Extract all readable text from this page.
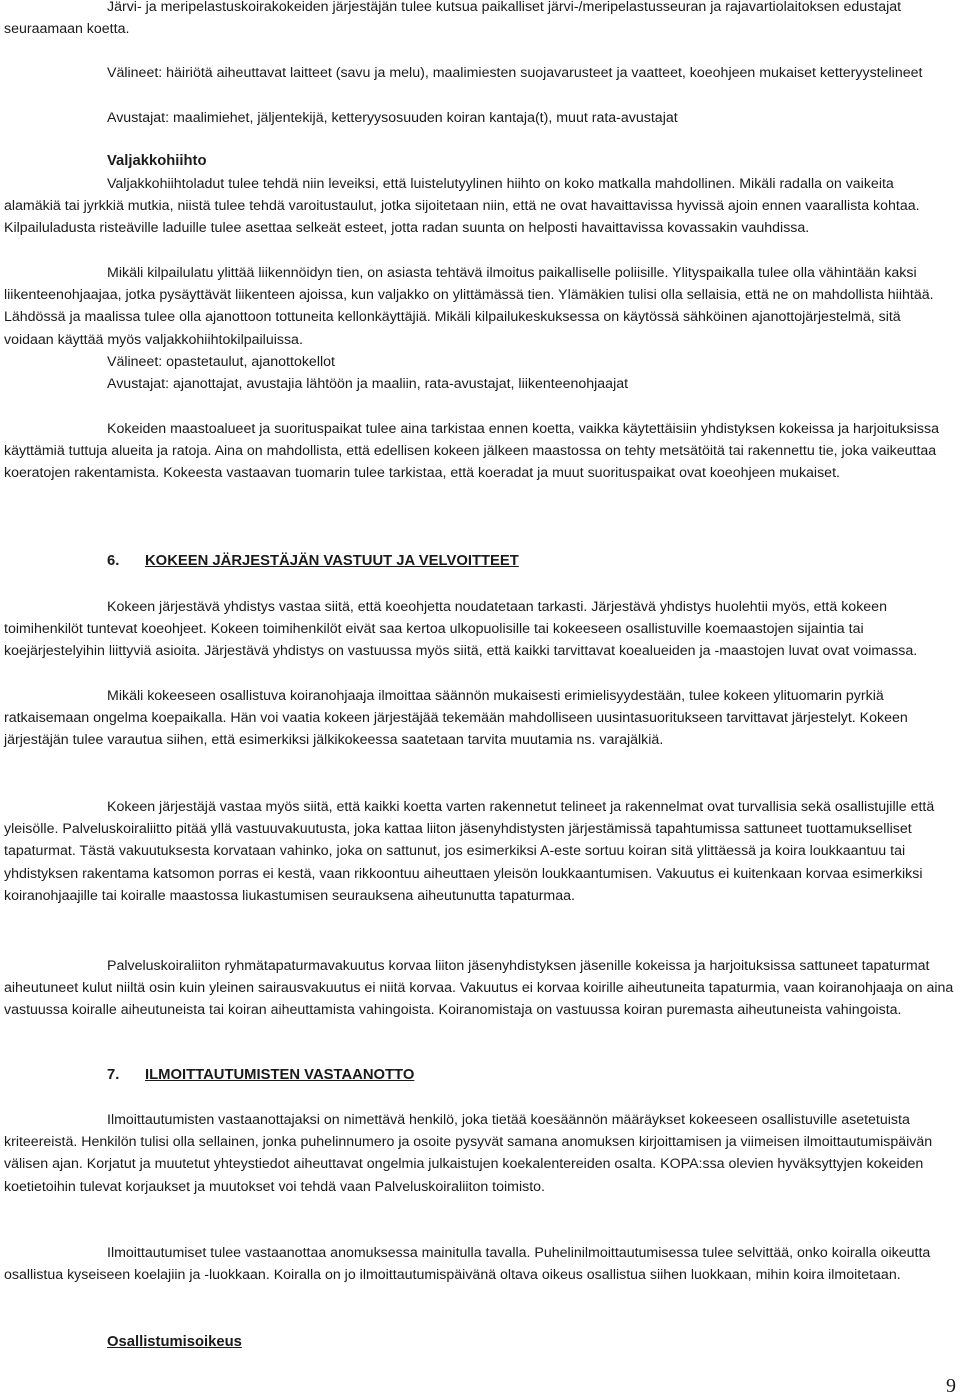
Järvi- ja meripelastuskoirakokeiden järjestäjän tulee kutsua paikalliset järvi-/meripelastusseuran ja rajavartiolaitoksen edustajat seuraamaan koetta.

Välineet: häiriötä aiheuttavat laitteet (savu ja melu), maalimiesten suojavarusteet ja vaatteet, koeohjeen mukaiset ketteryystelineet

Avustajat: maalimiehet, jäljentekijä, ketteryysosuuden koiran kantaja(t), muut rata-avustajat

Valjakkohiihto

Valjakkohiihtoladut tulee tehdä niin leveiksi, että luistelutyylinen hiihto on koko matkalla mahdollinen. Mikäli radalla on vaikeita alamäkiä tai jyrkkiä mutkia, niistä tulee tehdä varoitustaulut, jotka sijoitetaan niin, että ne ovat havaittavissa hyvissä ajoin ennen vaarallista kohtaa. Kilpailuladusta risteäville laduille tulee asettaa selkeät esteet, jotta radan suunta on helposti havaittavissa kovassakin vauhdissa.

Mikäli kilpailulatu ylittää liikennöidyn tien, on asiasta tehtävä ilmoitus paikalliselle poliisille. Ylityspaikalla tulee olla vähintään kaksi liikenteenohjaajaa, jotka pysäyttävät liikenteen ajoissa, kun valjakko on ylittämässä tien. Ylämäkien tulisi olla sellaisia, että ne on mahdollista hiihtää. Lähdössä ja maalissa tulee olla ajanottoon tottuneita kellonkäyttäjiä. Mikäli kilpailukeskuksessa on käytössä sähköinen ajanottojärjestelmä, sitä voidaan käyttää myös valjakkohiihtokilpailuissa.

Välineet: opastetaulut, ajanottokellot

Avustajat: ajanottajat, avustajia lähtöön ja maaliin, rata-avustajat, liikenteenohjaajat

Kokeiden maastoalueet ja suorituspaikat tulee aina tarkistaa ennen koetta, vaikka käytettäisiin yhdistyksen kokeissa ja harjoituksissa käyttämiä tuttuja alueita ja ratoja. Aina on mahdollista, että edellisen kokeen jälkeen maastossa on tehty metsätöitä tai rakennettu tie, joka vaikeuttaa koeratojen rakentamista. Kokeesta vastaavan tuomarin tulee tarkistaa, että koeradat ja muut suorituspaikat ovat koeohjeen mukaiset.

6. KOKEEN JÄRJESTÄJÄN VASTUUT JA VELVOITTEET

Kokeen järjestävä yhdistys vastaa siitä, että koeohjetta noudatetaan tarkasti. Järjestävä yhdistys huolehtii myös, että kokeen toimihenkilöt tuntevat koeohjeet. Kokeen toimihenkilöt eivät saa kertoa ulkopuolisille tai kokeeseen osallistuville koemaastojen sijaintia tai koejärjestelyihin liittyviä asioita. Järjestävä yhdistys on vastuussa myös siitä, että kaikki tarvittavat koealueiden ja -maastojen luvat ovat voimassa.

Mikäli kokeeseen osallistuva koiranohjaaja ilmoittaa säännön mukaisesti erimielisyydestään, tulee kokeen ylituomarin pyrkiä ratkaisemaan ongelma koepaikalla. Hän voi vaatia kokeen järjestäjää tekemään mahdolliseen uusintasuoritukseen tarvittavat järjestelyt. Kokeen järjestäjän tulee varautua siihen, että esimerkiksi jälkikokeessa saatetaan tarvita muutamia ns. varajälkiä.

Kokeen järjestäjä vastaa myös siitä, että kaikki koetta varten rakennetut telineet ja rakennelmat ovat turvallisia sekä osallistujille että yleisölle. Palveluskoiraliitto pitää yllä vastuuvakuutusta, joka kattaa liiton jäsenyhdistysten järjestämissä tapahtumissa sattuneet tuottamukselliset tapaturmat. Tästä vakuutuksesta korvataan vahinko, joka on sattunut, jos esimerkiksi A-este sortuu koiran sitä ylittäessä ja koira loukkaantuu tai yhdistyksen rakentama katsomon porras ei kestä, vaan rikkoontuu aiheuttaen yleisön loukkaantumisen. Vakuutus ei kuitenkaan korvaa esimerkiksi koiranohjaajille tai koiralle maastossa liukastumisen seurauksena aiheutunutta tapaturmaa.

Palveluskoiraliiton ryhmätapaturmavakuutus korvaa liiton jäsenyhdistyksen jäsenille kokeissa ja harjoituksissa sattuneet tapaturmat aiheutuneet kulut niiltä osin kuin yleinen sairausvakuutus ei niitä korvaa. Vakuutus ei korvaa koirille aiheutuneita tapaturmia, vaan koiranohjaaja on aina vastuussa koiralle aiheutuneista tai koiran aiheuttamista vahingoista. Koiranomistaja on vastuussa koiran puremasta aiheutuneista vahingoista.

7. ILMOITTAUTUMISTEN VASTAANOTTO

Ilmoittautumisten vastaanottajaksi on nimettävä henkilö, joka tietää koesäännön määräykset kokeeseen osallistuville asetetuista kriteereistä. Henkilön tulisi olla sellainen, jonka puhelinnumero ja osoite pysyvät samana anomuksen kirjoittamisen ja viimeisen ilmoittautumispäivän välisen ajan. Korjatut ja muutetut yhteystiedot aiheuttavat ongelmia julkaistujen koekalentereiden osalta. KOPA:ssa olevien hyväksyttyjen kokeiden koetietoihin tulevat korjaukset ja muutokset voi tehdä vaan Palveluskoiraliiton toimisto.

Ilmoittautumiset tulee vastaanottaa anomuksessa mainitulla tavalla. Puhelinilmoittautumisessa tulee selvittää, onko koiralla oikeutta osallistua kyseiseen koelajiin ja -luokkaan. Koiralla on jo ilmoittautumispäivänä oltava oikeus osallistua siihen luokkaan, mihin koira ilmoitetaan.

Osallistumisoikeus

9
